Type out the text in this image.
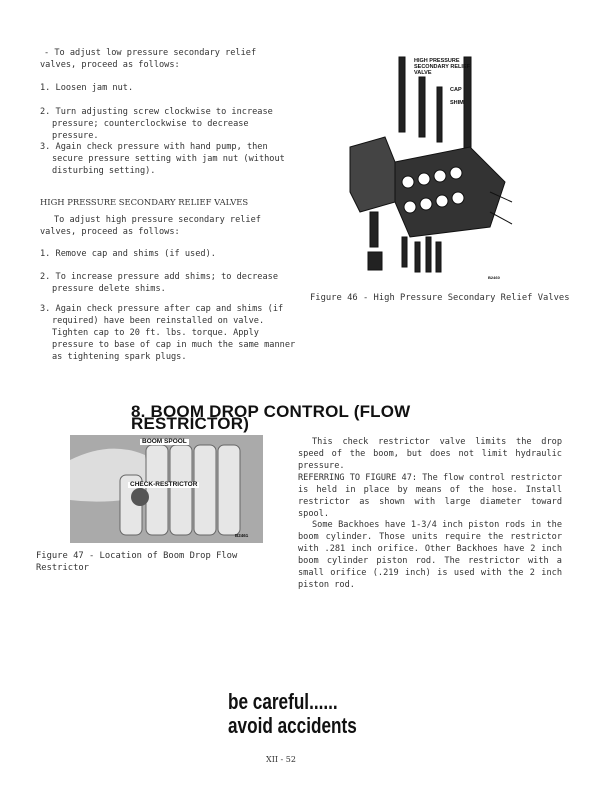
- To adjust low pressure secondary relief valves, proceed as follows:

1. Loosen jam nut.

2. Turn adjusting screw clockwise to increase pressure; counterclockwise to decrease pressure.

3. Again check pressure with hand pump, then secure pressure setting with jam nut (without disturbing setting).

HIGH PRESSURE SECONDARY RELIEF VALVES

To adjust high pressure secondary relief valves, proceed as follows:

1. Remove cap and shims (if used).

2. To increase pressure add shims; to decrease pressure delete shims.

3. Again check pressure after cap and shims (if required) have been reinstalled on valve. Tighten cap to 20 ft. lbs. torque. Apply pressure to base of cap in much the same manner as tightening spark plugs.

HIGH PRESSURE SECONDARY RELIEF VALVE
CAP
SHIM
B2460

Figure 46 - High Pressure Secondary Relief Valves

8. BOOM DROP CONTROL (FLOW RESTRICTOR)
BOOM SPOOL
CHECK-RESTRICTOR
B2461

Figure 47 - Location of Boom Drop Flow Restrictor

This check restrictor valve limits the drop speed of the boom, but does not limit hydraulic pressure.

REFERRING TO FIGURE 47: The flow control restrictor is held in place by means of the hose. Install restrictor as shown with large diameter toward spool.

Some Backhoes have 1-3/4 inch piston rods in the boom cylinder. Those units require the restrictor with .281 inch orifice. Other Backhoes have 2 inch boom cylinder piston rod. The restrictor with a small orifice (.219 inch) is used with the 2 inch piston rod.

be careful......
avoid accidents
XII - 52
